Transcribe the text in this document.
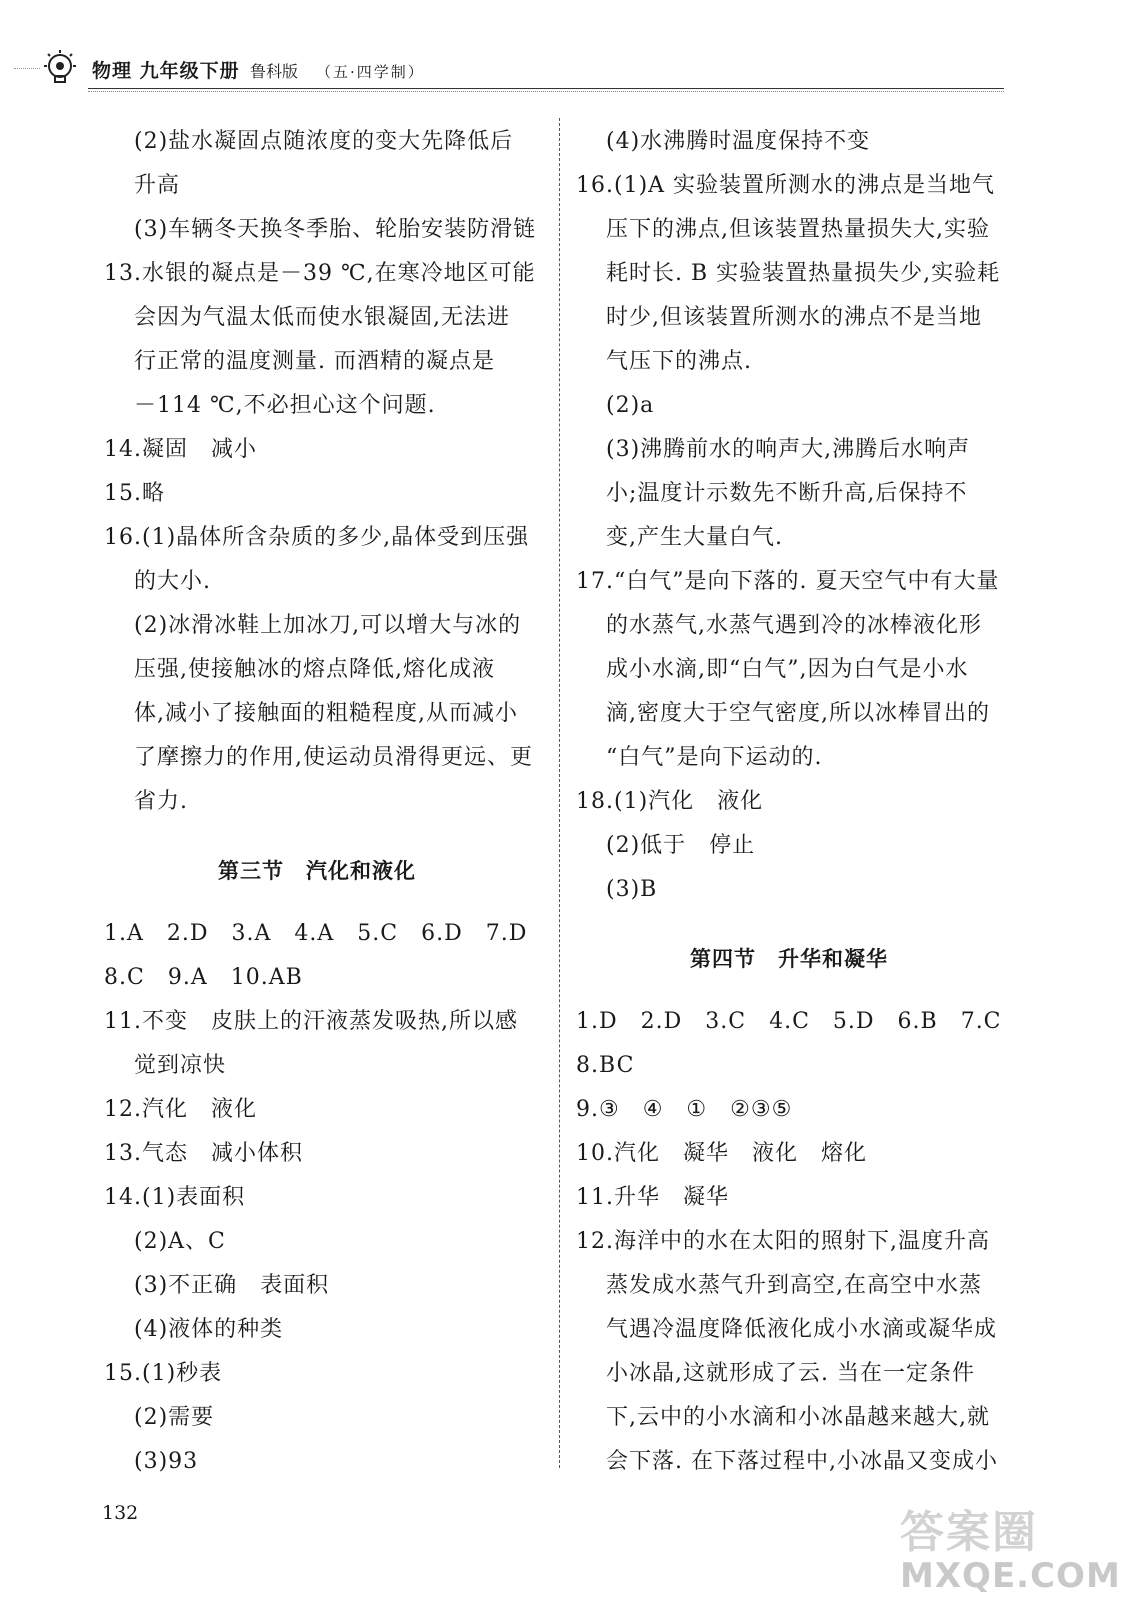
物理 九年级下册 鲁科版 （五·四学制）
(2)盐水凝固点随浓度的变大先降低后
升高
(3)车辆冬天换冬季胎、轮胎安装防滑链
13.水银的凝点是－39 ℃,在寒冷地区可能
会因为气温太低而使水银凝固,无法进
行正常的温度测量. 而酒精的凝点是
－114 ℃,不必担心这个问题.
14.凝固　减小
15.略
16.(1)晶体所含杂质的多少,晶体受到压强
的大小.
(2)冰滑冰鞋上加冰刀,可以增大与冰的
压强,使接触冰的熔点降低,熔化成液
体,减小了接触面的粗糙程度,从而减小
了摩擦力的作用,使运动员滑得更远、更
省力.
第三节　汽化和液化
1.A　2.D　3.A　4.A　5.C　6.D　7.D
8.C　9.A　10.AB
11.不变　皮肤上的汗液蒸发吸热,所以感
觉到凉快
12.汽化　液化
13.气态　减小体积
14.(1)表面积
(2)A、C
(3)不正确　表面积
(4)液体的种类
15.(1)秒表
(2)需要
(3)93
(4)水沸腾时温度保持不变
16.(1)A 实验装置所测水的沸点是当地气
压下的沸点,但该装置热量损失大,实验
耗时长. B 实验装置热量损失少,实验耗
时少,但该装置所测水的沸点不是当地
气压下的沸点.
(2)a
(3)沸腾前水的响声大,沸腾后水响声
小;温度计示数先不断升高,后保持不
变,产生大量白气.
17.“白气”是向下落的. 夏天空气中有大量
的水蒸气,水蒸气遇到冷的冰棒液化形
成小水滴,即“白气”,因为白气是小水
滴,密度大于空气密度,所以冰棒冒出的
“白气”是向下运动的.
18.(1)汽化　液化
(2)低于　停止
(3)B
第四节　升华和凝华
1.D　2.D　3.C　4.C　5.D　6.B　7.C
8.BC
9.③　④　①　②③⑤
10.汽化　凝华　液化　熔化
11.升华　凝华
12.海洋中的水在太阳的照射下,温度升高
蒸发成水蒸气升到高空,在高空中水蒸
气遇冷温度降低液化成小水滴或凝华成
小冰晶,这就形成了云. 当在一定条件
下,云中的小水滴和小冰晶越来越大,就
会下落. 在下落过程中,小冰晶又变成小
132	答案圈
MXQE.COM
